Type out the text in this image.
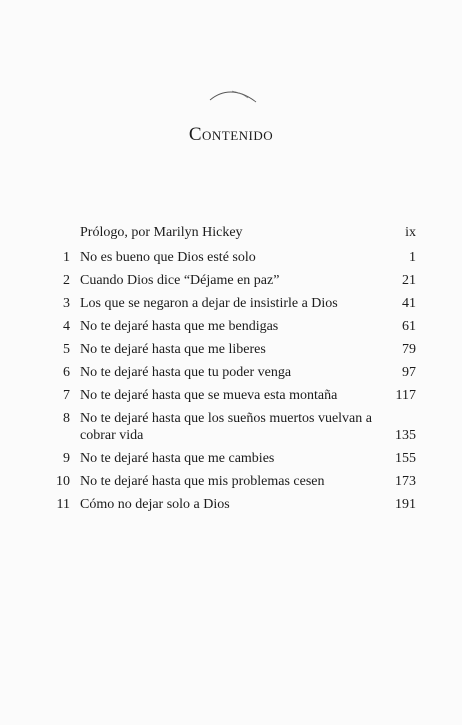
Contenido
Prólogo, por Marilyn Hickey	ix
1 No es bueno que Dios esté solo	1
2 Cuando Dios dice “Déjame en paz”	21
3 Los que se negaron a dejar de insistirle a Dios	41
4 No te dejaré hasta que me bendigas	61
5 No te dejaré hasta que me liberes	79
6 No te dejaré hasta que tu poder venga	97
7 No te dejaré hasta que se mueva esta montaña	117
8 No te dejaré hasta que los sueños muertos vuelvan a cobrar vida	135
9 No te dejaré hasta que me cambies	155
10 No te dejaré hasta que mis problemas cesen	173
11 Cómo no dejar solo a Dios	191
